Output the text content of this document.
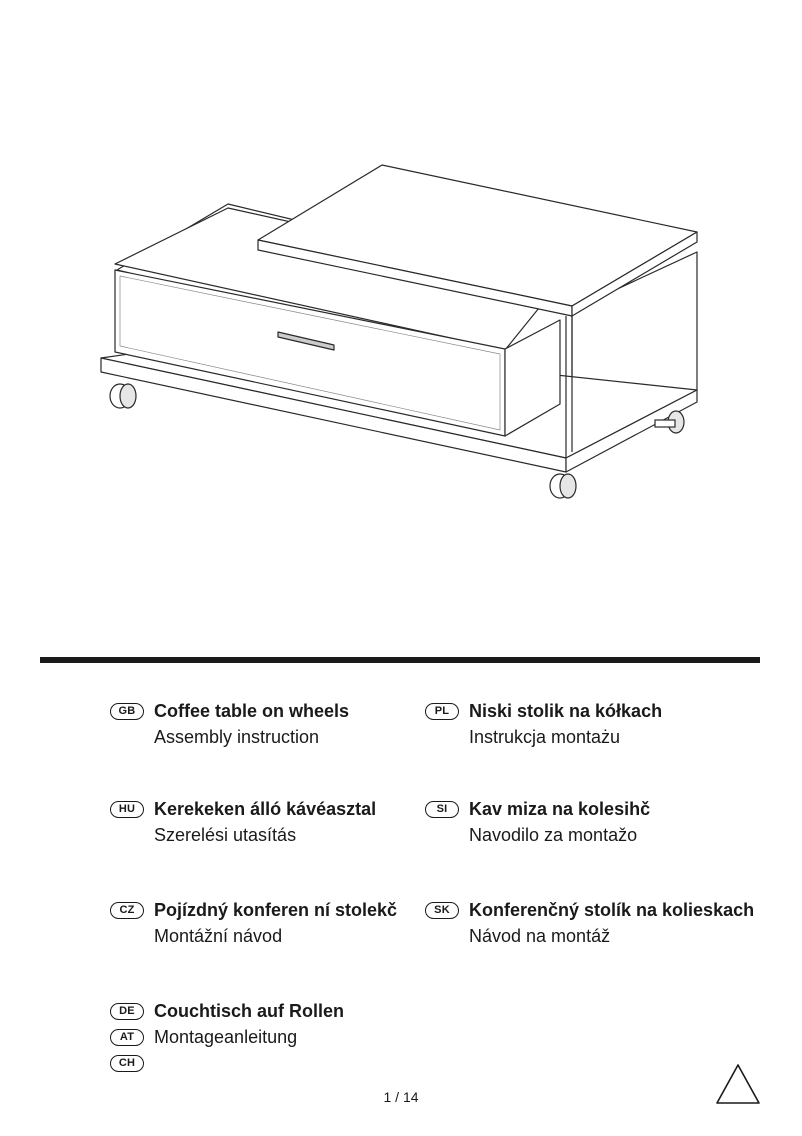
GB	Coffee table on wheels
Assembly instruction
HU	Kerekeken álló kávéasztal
Szerelési utasítás
CZ	Pojízdný konferen ní stolekč
Montážní návod
PL	Niski stolik na kółkach
Instrukcja montażu
SI	Kav miza na kolesihč
Navodilo za montažo
SK	Konferenčný stolík na kolieskach
Návod na montáž
DE	Couchtisch auf Rollen
AT	Montageanleitung
CH
1 / 14
